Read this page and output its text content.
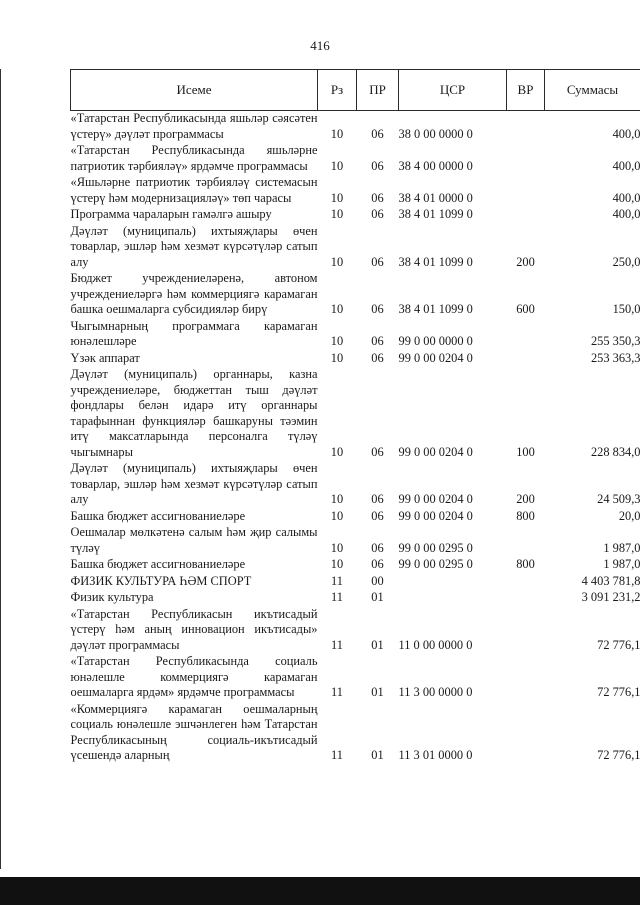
416
Исеме	Рз	ПР	ЦСР	ВР	Суммасы
«Татарстан Республикасында яшьләр сәясәтен үстерү» дәүләт программасы	10	06	38 0 00 0000 0		400,0
«Татарстан Республикасында яшьләрне патриотик тәрбияләү» ярдәмче программасы	10	06	38 4 00 0000 0		400,0
«Яшьләрне патриотик тәрбияләү системасын үстерү һәм модернизацияләү» төп чарасы	10	06	38 4 01 0000 0		400,0
Программа чараларын гамәлгә ашыру	10	06	38 4 01 1099 0		400,0
Дәүләт (муниципаль) ихтыяҗлары өчен товарлар, эшләр һәм хезмәт күрсәтүләр сатып алу	10	06	38 4 01 1099 0	200	250,0
Бюджет учреждениеләренә, автоном учреждениеләргә һәм коммерциягә карамаган башка оешмаларга субсидияләр бирү	10	06	38 4 01 1099 0	600	150,0
Чыгымнарның программага карамаган юнәлешләре	10	06	99 0 00 0000 0		255 350,3
Үзәк аппарат	10	06	99 0 00 0204 0		253 363,3
Дәүләт (муниципаль) органнары, казна учреждениеләре, бюджеттан тыш дәүләт фондлары белән идарә итү органнары тарафыннан функцияләр башкаруны тәэмин итү максатларында персоналга түләү чыгымнары	10	06	99 0 00 0204 0	100	228 834,0
Дәүләт (муниципаль) ихтыяҗлары өчен товарлар, эшләр һәм хезмәт күрсәтүләр сатып алу	10	06	99 0 00 0204 0	200	24 509,3
Башка бюджет ассигнованиеләре	10	06	99 0 00 0204 0	800	20,0
Оешмалар мөлкәтенә салым һәм җир салымы түләү	10	06	99 0 00 0295 0		1 987,0
Башка бюджет ассигнованиеләре	10	06	99 0 00 0295 0	800	1 987,0
ФИЗИК КУЛЬТУРА ҺӘМ СПОРТ	11	00			4 403 781,8
Физик культура	11	01			3 091 231,2
«Татарстан Республикасын икътисадый үстерү һәм аның инновацион икътисады» дәүләт программасы	11	01	11 0 00 0000 0		72 776,1
«Татарстан Республикасында социаль юнәлешле коммерциягә карамаган оешмаларга ярдәм» ярдәмче программасы	11	01	11 3 00 0000 0		72 776,1
«Коммерциягә карамаган оешмаларның социаль юнәлешле эшчәнлеген һәм Татарстан Республикасының социаль-икътисадый үсешендә аларның	11	01	11 3 01 0000 0		72 776,1
